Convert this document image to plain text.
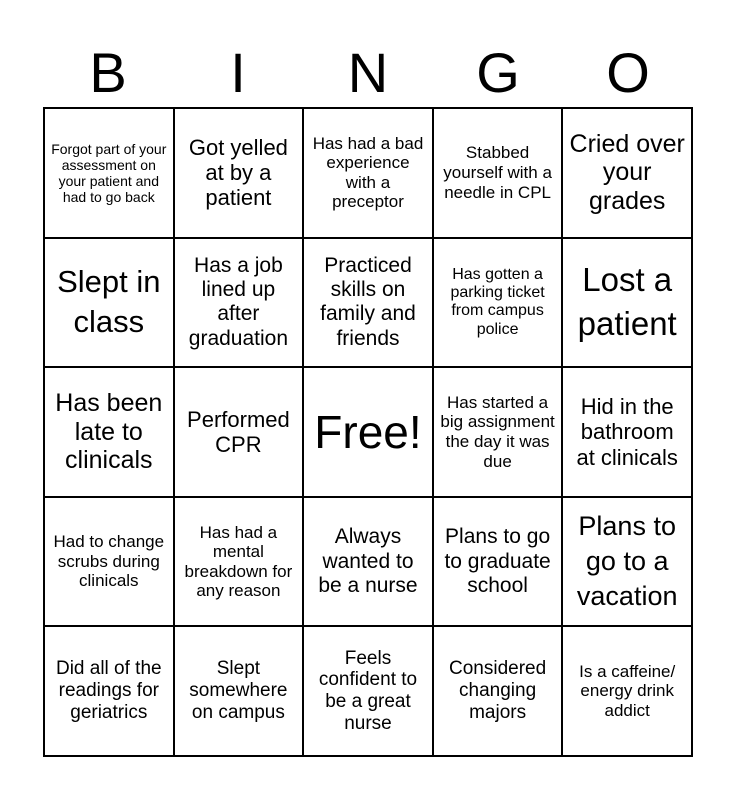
B	I	N	G	O
Forgot part of your assessment on your patient and had to go back
Got yelled at by a patient
Has had a bad experience with a preceptor
Stabbed yourself with a needle in CPL
Cried over your grades
Slept in class
Has a job lined up after graduation
Practiced skills on family and friends
Has gotten a parking ticket from campus police
Lost a patient
Has been late to clinicals
Performed CPR	Free!
Has started a big assignment the day it was due
Hid in the bathroom at clinicals
Had to change scrubs during clinicals
Has had a mental breakdown for any reason
Always wanted to be a nurse
Plans to go to graduate school
Plans to go to a vacation
Did all of the readings for geriatrics
Slept somewhere on campus
Feels confident to be a great nurse
Considered changing majors
Is a caffeine/ energy drink addict
